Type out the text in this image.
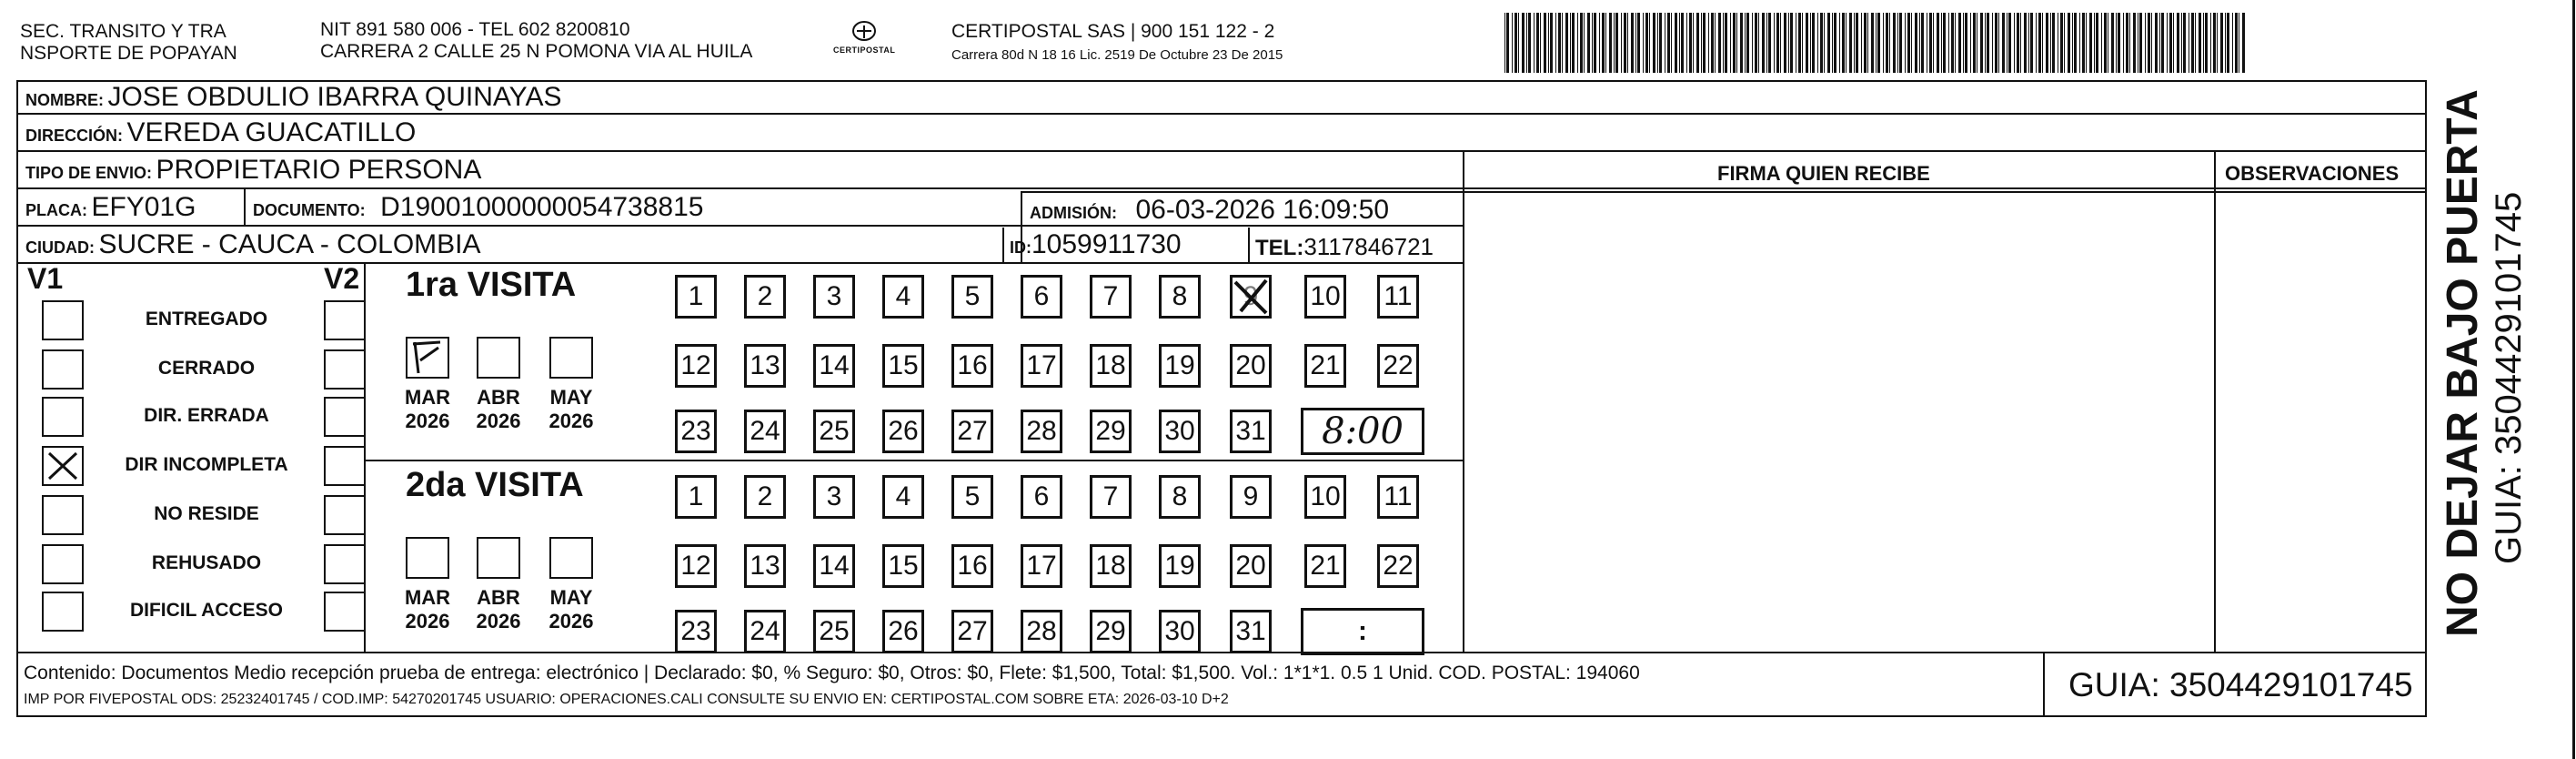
SEC. TRANSITO Y TRA
NSPORTE DE POPAYAN
NIT 891 580 006 - TEL 602 8200810
CARRERA 2 CALLE 25 N POMONA VIA AL HUILA	CERTIPOSTAL
CERTIPOSTAL SAS | 900 151 122 - 2
Carrera 80d N 18 16 Lic. 2519 De Octubre 23 De 2015
NOMBRE: JOSE OBDULIO IBARRA QUINAYAS
DIRECCIÓN: VEREDA GUACATILLO
TIPO DE ENVIO: PROPIETARIO PERSONA	FIRMA QUIEN RECIBE	OBSERVACIONES
PLACA: EFY01G	DOCUMENTO: D19001000000054738815	ADMISIÓN: 06-03-2026 16:09:50
CIUDAD: SUCRE - CAUCA - COLOMBIA	ID:1059911730	TEL:3117846721
V1	V2
ENTREGADO
CERRADO
DIR. ERRADA
DIR INCOMPLETA
NO RESIDE
REHUSADO
DIFICIL ACCESO
1ra VISITA
MAR
2026
ABR
2026
MAY
2026
1	2	3	4	5	6	7	8	9	10 11
12 13 14 15 16 17 18 19 20 21 22
23 24 25 26 27 28 29 30 31	8:00
2da VISITA
MAR
2026
ABR
2026
MAY
2026
1	2	3	4	5	6	7	8	9	10 11
12 13 14 15 16 17 18 19 20 21 22
23 24 25 26 27 28 29 30 31	:
Contenido: Documentos Medio recepción prueba de entrega: electrónico | Declarado: $0, % Seguro: $0, Otros: $0, Flete: $1,500, Total: $1,500. Vol.: 1*1*1. 0.5 1 Unid. COD. POSTAL: 194060
IMP POR FIVEPOSTAL ODS: 25232401745 / COD.IMP: 54270201745 USUARIO: OPERACIONES.CALI CONSULTE SU ENVIO EN: CERTIPOSTAL.COM SOBRE ETA: 2026-03-10 D+2	GUIA: 3504429101745
NO DEJAR BAJO PUERTA GUIA: 3504429101745
